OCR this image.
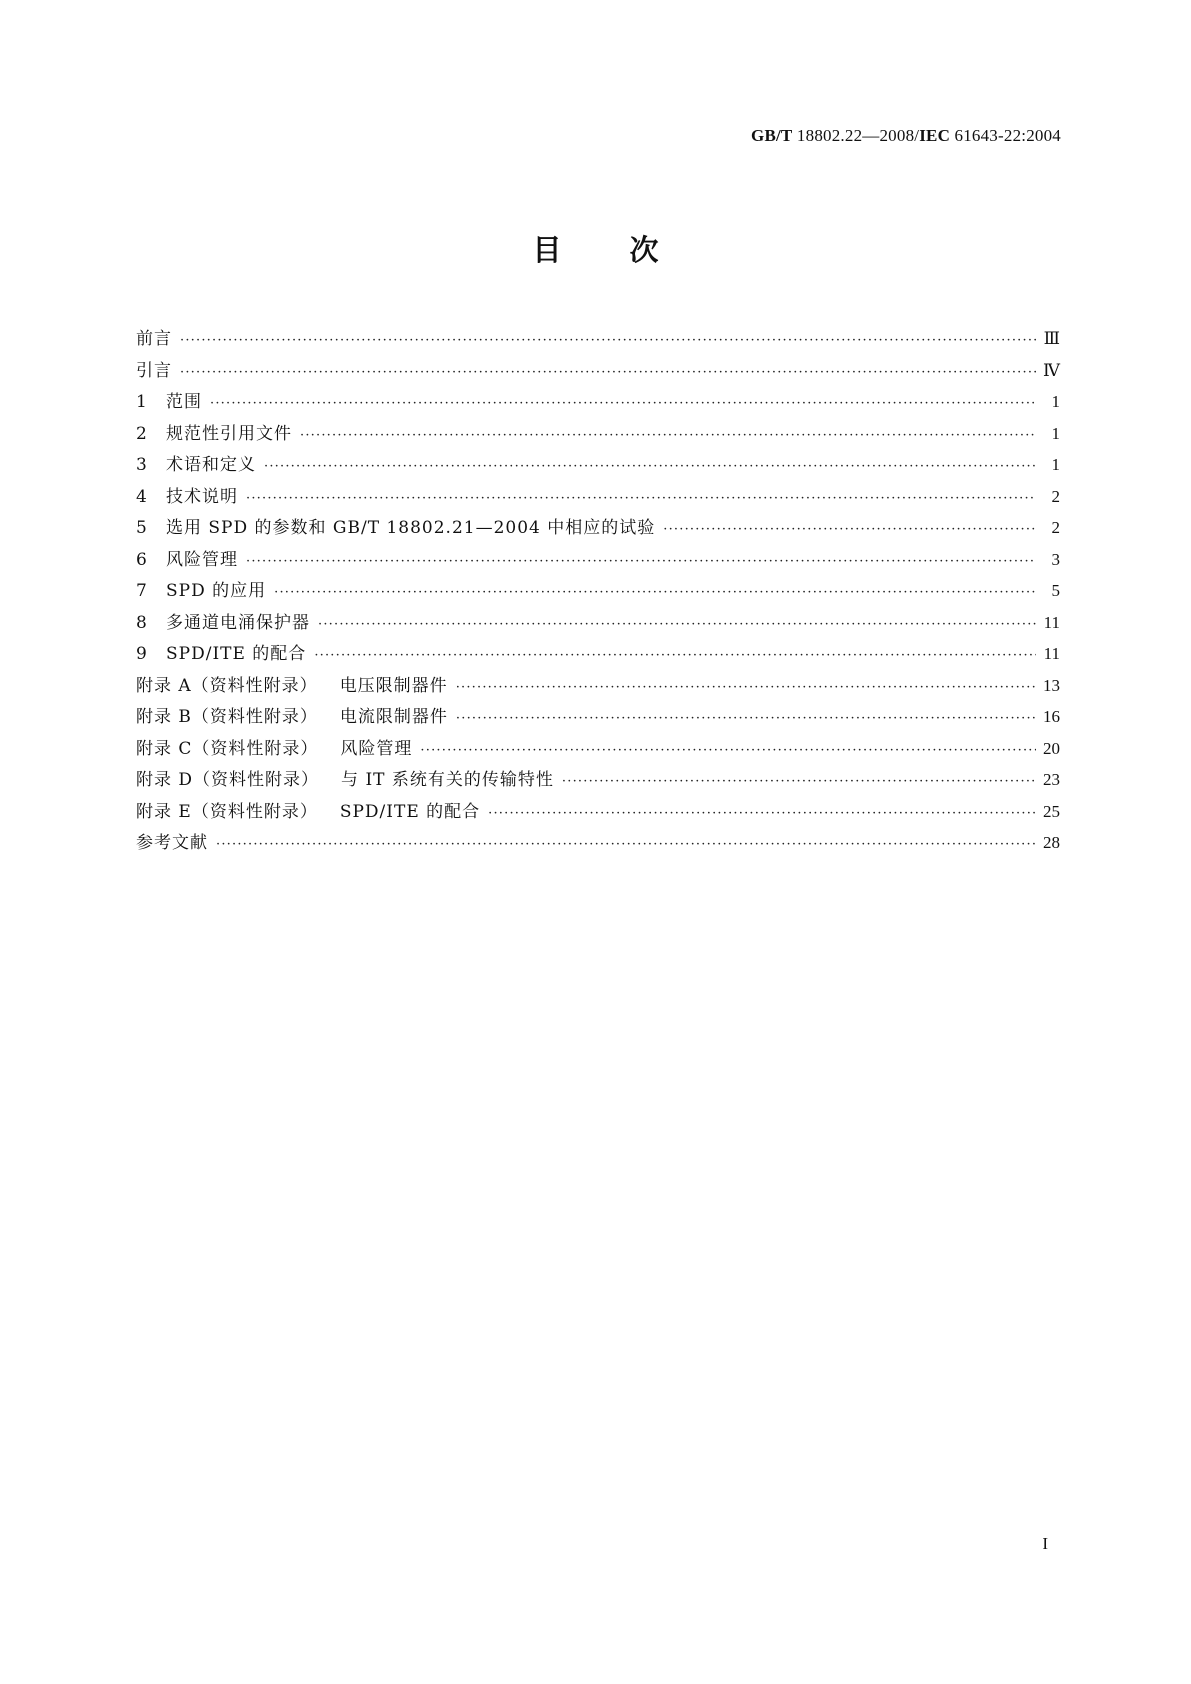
GB/T 18802.22—2008/IEC 61643-22:2004
目 次
前言 ·····	Ⅲ
引言 ·····	Ⅳ
1	范围 ·····	1
2	规范性引用文件 ·····	1
3	术语和定义 ·····	1
4	技术说明 ·····	2
5	选用 SPD 的参数和 GB/T 18802.21—2004 中相应的试验 ·····	2
6	风险管理 ·····	3
7	SPD 的应用 ·····	5
8	多通道电涌保护器 ·····	11
9	SPD/ITE 的配合 ·····	11
附录 A（资料性附录） 电压限制器件 ·····	13
附录 B（资料性附录） 电流限制器件 ·····	16
附录 C（资料性附录） 风险管理 ·····	20
附录 D（资料性附录） 与 IT 系统有关的传输特性 ·····	23
附录 E（资料性附录） SPD/ITE 的配合 ·····	25
参考文献 ·····	28
I
